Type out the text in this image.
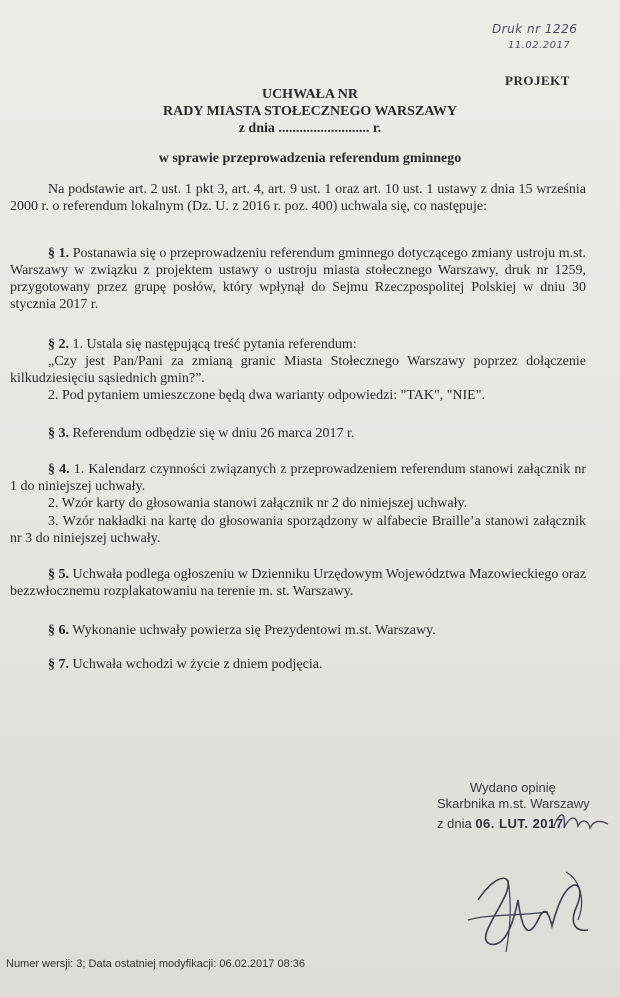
Druk nr 1226
11.02.2017
PROJEKT
UCHWAŁA NR
RADY MIASTA STOŁECZNEGO WARSZAWY
z dnia .......................... r.
w sprawie przeprowadzenia referendum gminnego
Na podstawie art. 2 ust. 1 pkt 3, art. 4, art. 9 ust. 1 oraz art. 10 ust. 1 ustawy z dnia 15 września 2000 r. o referendum lokalnym (Dz. U. z 2016 r. poz. 400) uchwala się, co następuje:
§ 1. Postanawia się o przeprowadzeniu referendum gminnego dotyczącego zmiany ustroju m.st. Warszawy w związku z projektem ustawy o ustroju miasta stołecznego Warszawy, druk nr 1259, przygotowany przez grupę posłów, który wpłynął do Sejmu Rzeczpospolitej Polskiej w dniu 30 stycznia 2017 r.
§ 2. 1. Ustala się następującą treść pytania referendum:
„Czy jest Pan/Pani za zmianą granic Miasta Stołecznego Warszawy poprzez dołączenie kilkudziesięciu sąsiednich gmin?”.
2. Pod pytaniem umieszczone będą dwa warianty odpowiedzi: "TAK", "NIE".
§ 3. Referendum odbędzie się w dniu 26 marca 2017 r.
§ 4. 1. Kalendarz czynności związanych z przeprowadzeniem referendum stanowi załącznik nr 1 do niniejszej uchwały.
2. Wzór karty do głosowania stanowi załącznik nr 2 do niniejszej uchwały.
3. Wzór nakładki na kartę do głosowania sporządzony w alfabecie Braille’a stanowi załącznik nr 3 do niniejszej uchwały.
§ 5. Uchwała podlega ogłoszeniu w Dzienniku Urzędowym Województwa Mazowieckiego oraz bezzwłocznemu rozplakatowaniu na terenie m. st. Warszawy.
§ 6. Wykonanie uchwały powierza się Prezydentowi m.st. Warszawy.
§ 7. Uchwała wchodzi w życie z dniem podjęcia.
Wydano opinię
Skarbnika m.st. Warszawy
z dnia 06. LUT. 2017
Numer wersji: 3; Data ostatniej modyfikacji: 06.02.2017 08:36
